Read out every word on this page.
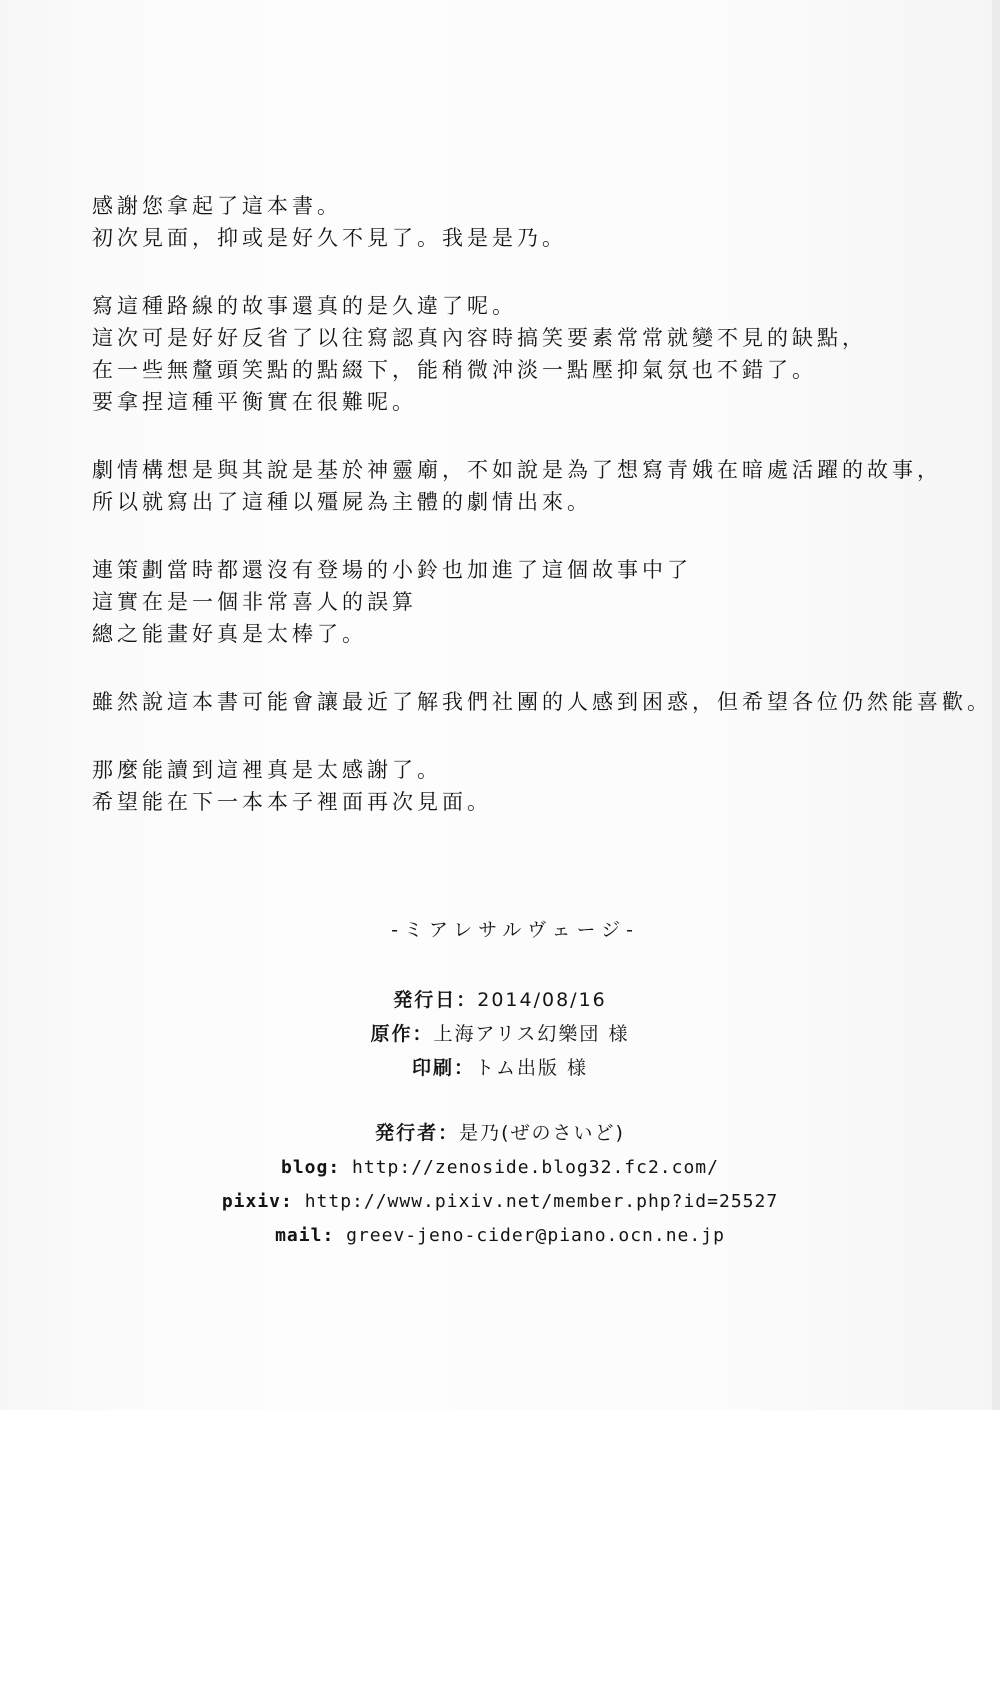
感謝您拿起了這本書。
初次見面，抑或是好久不見了。我是是乃。
寫這種路線的故事還真的是久違了呢。
這次可是好好反省了以往寫認真內容時搞笑要素常常就變不見的缺點，
在一些無釐頭笑點的點綴下，能稍微沖淡一點壓抑氣氛也不錯了。
要拿捏這種平衡實在很難呢。
劇情構想是與其說是基於神靈廟，不如說是為了想寫青娥在暗處活躍的故事，
所以就寫出了這種以殭屍為主體的劇情出來。
連策劃當時都還沒有登場的小鈴也加進了這個故事中了
這實在是一個非常喜人的誤算
總之能畫好真是太棒了。
雖然說這本書可能會讓最近了解我們社團的人感到困惑，但希望各位仍然能喜歡。
那麼能讀到這裡真是太感謝了。
希望能在下一本本子裡面再次見面。
-ミアレサルヴェージ-
発行日：2014/08/16
原作：上海アリス幻樂団 様
印刷：トム出版 様
発行者：是乃(ぜのさいど)
blog: http://zenoside.blog32.fc2.com/
pixiv: http://www.pixiv.net/member.php?id=25527
mail: greev-jeno-cider@piano.ocn.ne.jp
